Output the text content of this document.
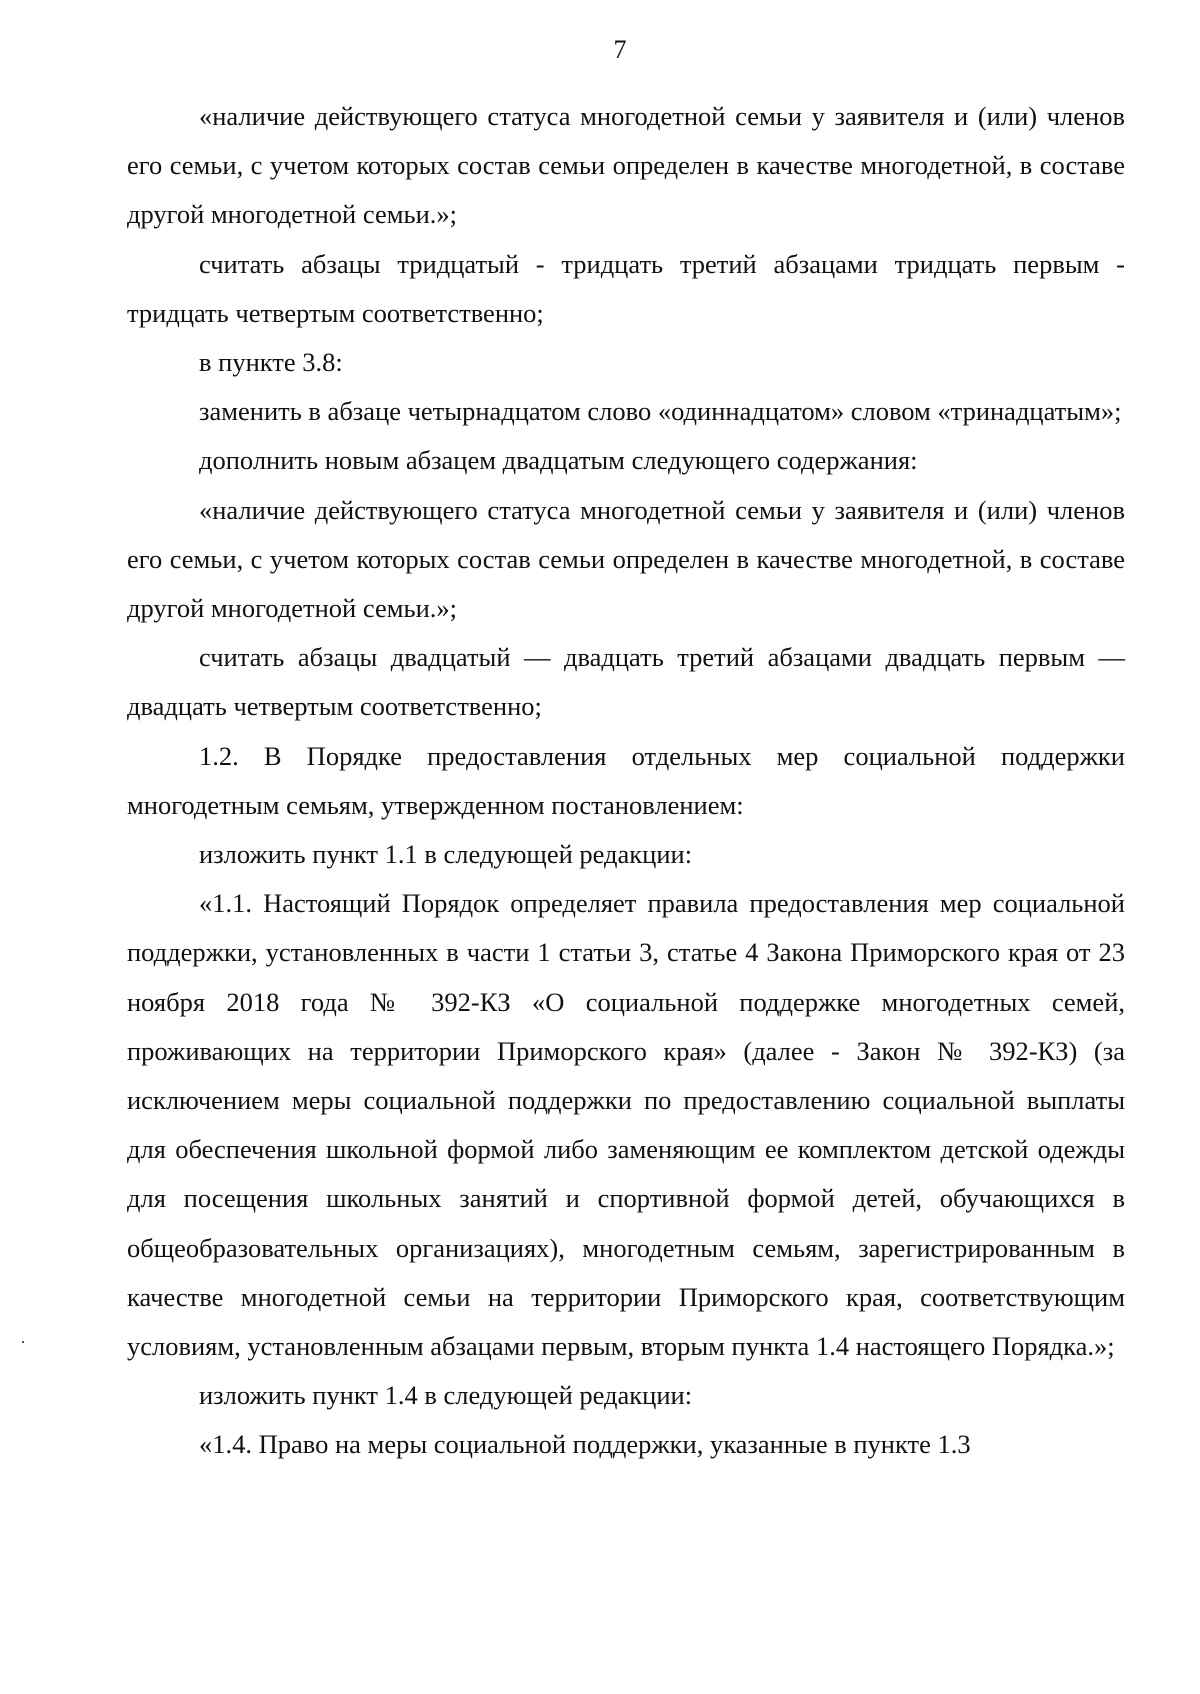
7

«наличие действующего статуса многодетной семьи у заявителя и (или) членов его семьи, с учетом которых состав семьи определен в качестве многодетной, в составе другой многодетной семьи.»;

считать абзацы тридцатый - тридцать третий абзацами тридцать первым - тридцать четвертым соответственно;

в пункте 3.8:

заменить в абзаце четырнадцатом слово «одиннадцатом» словом «тринадцатым»;

дополнить новым абзацем двадцатым следующего содержания:

«наличие действующего статуса многодетной семьи у заявителя и (или) членов его семьи, с учетом которых состав семьи определен в качестве многодетной, в составе другой многодетной семьи.»;

считать абзацы двадцатый — двадцать третий абзацами двадцать первым — двадцать четвертым соответственно;

1.2. В Порядке предоставления отдельных мер социальной поддержки многодетным семьям, утвержденном постановлением:

изложить пункт 1.1 в следующей редакции:

«1.1. Настоящий Порядок определяет правила предоставления мер социальной поддержки, установленных в части 1 статьи 3, статье 4 Закона Приморского края от 23 ноября 2018 года № 392-КЗ «О социальной поддержке многодетных семей, проживающих на территории Приморского края» (далее - Закон № 392-КЗ) (за исключением меры социальной поддержки по предоставлению социальной выплаты для обеспечения школьной формой либо заменяющим ее комплектом детской одежды для посещения школьных занятий и спортивной формой детей, обучающихся в общеобразовательных организациях), многодетным семьям, зарегистрированным в качестве многодетной семьи на территории Приморского края, соответствующим условиям, установленным абзацами первым, вторым пункта 1.4 настоящего Порядка.»;

изложить пункт 1.4 в следующей редакции:

«1.4. Право на меры социальной поддержки, указанные в пункте 1.3
